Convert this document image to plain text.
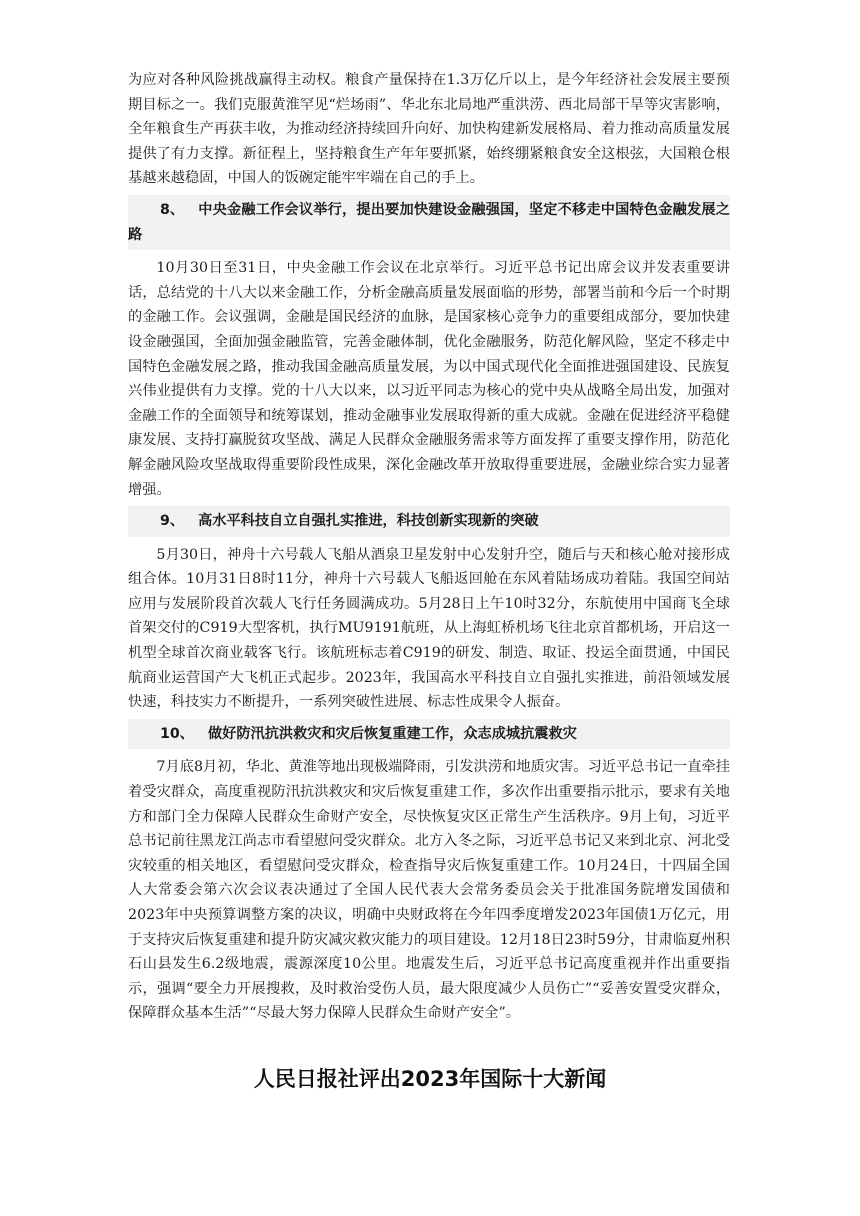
为应对各种风险挑战赢得主动权。粮食产量保持在1.3万亿斤以上，是今年经济社会发展主要预期目标之一。我们克服黄淮罕见“烂场雨”、华北东北局地严重洪涝、西北局部干旱等灾害影响，全年粮食生产再获丰收，为推动经济持续回升向好、加快构建新发展格局、着力推动高质量发展提供了有力支撑。新征程上，坚持粮食生产年年要抓紧，始终绷紧粮食安全这根弦，大国粮仓根基越来越稳固，中国人的饭碗定能牢牢端在自己的手上。

8、 中央金融工作会议举行，提出要加快建设金融强国，坚定不移走中国特色金融发展之路

10月30日至31日，中央金融工作会议在北京举行。习近平总书记出席会议并发表重要讲话，总结党的十八大以来金融工作，分析金融高质量发展面临的形势，部署当前和今后一个时期的金融工作。会议强调，金融是国民经济的血脉，是国家核心竞争力的重要组成部分，要加快建设金融强国，全面加强金融监管，完善金融体制，优化金融服务，防范化解风险，坚定不移走中国特色金融发展之路，推动我国金融高质量发展，为以中国式现代化全面推进强国建设、民族复兴伟业提供有力支撑。党的十八大以来，以习近平同志为核心的党中央从战略全局出发，加强对金融工作的全面领导和统筹谋划，推动金融事业发展取得新的重大成就。金融在促进经济平稳健康发展、支持打赢脱贫攻坚战、满足人民群众金融服务需求等方面发挥了重要支撑作用，防范化解金融风险攻坚战取得重要阶段性成果，深化金融改革开放取得重要进展，金融业综合实力显著增强。

9、 高水平科技自立自强扎实推进，科技创新实现新的突破

5月30日，神舟十六号载人飞船从酒泉卫星发射中心发射升空，随后与天和核心舱对接形成组合体。10月31日8时11分，神舟十六号载人飞船返回舱在东风着陆场成功着陆。我国空间站应用与发展阶段首次载人飞行任务圆满成功。5月28日上午10时32分，东航使用中国商飞全球首架交付的C919大型客机，执行MU9191航班，从上海虹桥机场飞往北京首都机场，开启这一机型全球首次商业载客飞行。该航班标志着C919的研发、制造、取证、投运全面贯通，中国民航商业运营国产大飞机正式起步。2023年，我国高水平科技自立自强扎实推进，前沿领域发展快速，科技实力不断提升，一系列突破性进展、标志性成果令人振奋。

10、 做好防汛抗洪救灾和灾后恢复重建工作，众志成城抗震救灾

7月底8月初，华北、黄淮等地出现极端降雨，引发洪涝和地质灾害。习近平总书记一直牵挂着受灾群众，高度重视防汛抗洪救灾和灾后恢复重建工作，多次作出重要指示批示，要求有关地方和部门全力保障人民群众生命财产安全，尽快恢复灾区正常生产生活秩序。9月上旬，习近平总书记前往黑龙江尚志市看望慰问受灾群众。北方入冬之际，习近平总书记又来到北京、河北受灾较重的相关地区，看望慰问受灾群众，检查指导灾后恢复重建工作。10月24日，十四届全国人大常委会第六次会议表决通过了全国人民代表大会常务委员会关于批准国务院增发国债和2023年中央预算调整方案的决议，明确中央财政将在今年四季度增发2023年国债1万亿元，用于支持灾后恢复重建和提升防灾减灾救灾能力的项目建设。12月18日23时59分，甘肃临夏州积石山县发生6.2级地震，震源深度10公里。地震发生后，习近平总书记高度重视并作出重要指示，强调“要全力开展搜救，及时救治受伤人员，最大限度减少人员伤亡”“妥善安置受灾群众，保障群众基本生活”“尽最大努力保障人民群众生命财产安全”。

人民日报社评出2023年国际十大新闻
